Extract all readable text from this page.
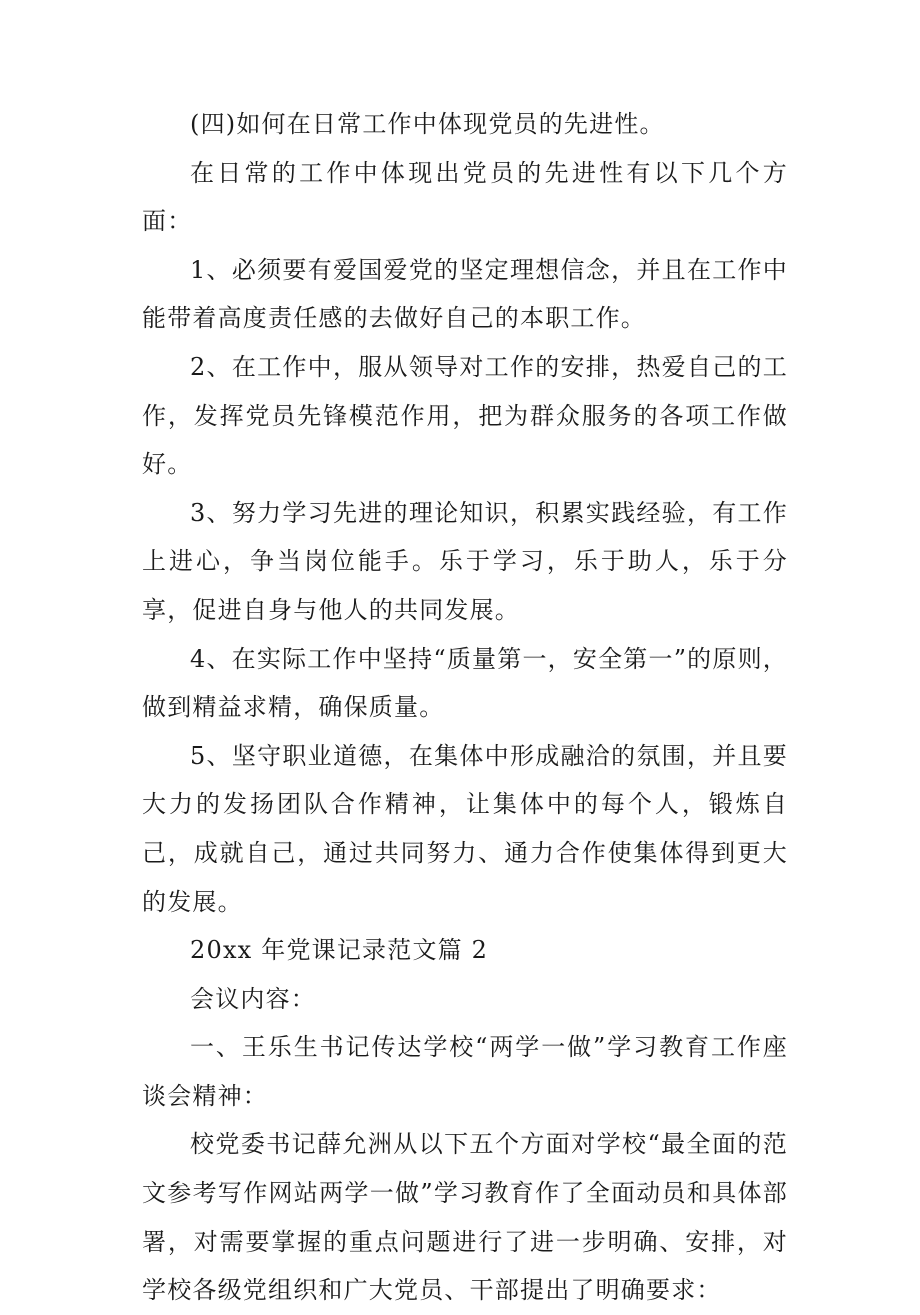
(四)如何在日常工作中体现党员的先进性。

在日常的工作中体现出党员的先进性有以下几个方面：

1、必须要有爱国爱党的坚定理想信念，并且在工作中能带着高度责任感的去做好自己的本职工作。

2、在工作中，服从领导对工作的安排，热爱自己的工作，发挥党员先锋模范作用，把为群众服务的各项工作做好。

3、努力学习先进的理论知识，积累实践经验，有工作上进心，争当岗位能手。乐于学习，乐于助人，乐于分享，促进自身与他人的共同发展。

4、在实际工作中坚持“质量第一，安全第一”的原则，做到精益求精，确保质量。

5、坚守职业道德，在集体中形成融洽的氛围，并且要大力的发扬团队合作精神，让集体中的每个人，锻炼自己，成就自己，通过共同努力、通力合作使集体得到更大的发展。

20xx 年党课记录范文篇 2

会议内容：

一、王乐生书记传达学校“两学一做”学习教育工作座谈会精神：

校党委书记薛允洲从以下五个方面对学校“最全面的范文参考写作网站两学一做”学习教育作了全面动员和具体部署，对需要掌握的重点问题进行了进一步明确、安排，对学校各级党组织和广大党员、干部提出了明确要求：
